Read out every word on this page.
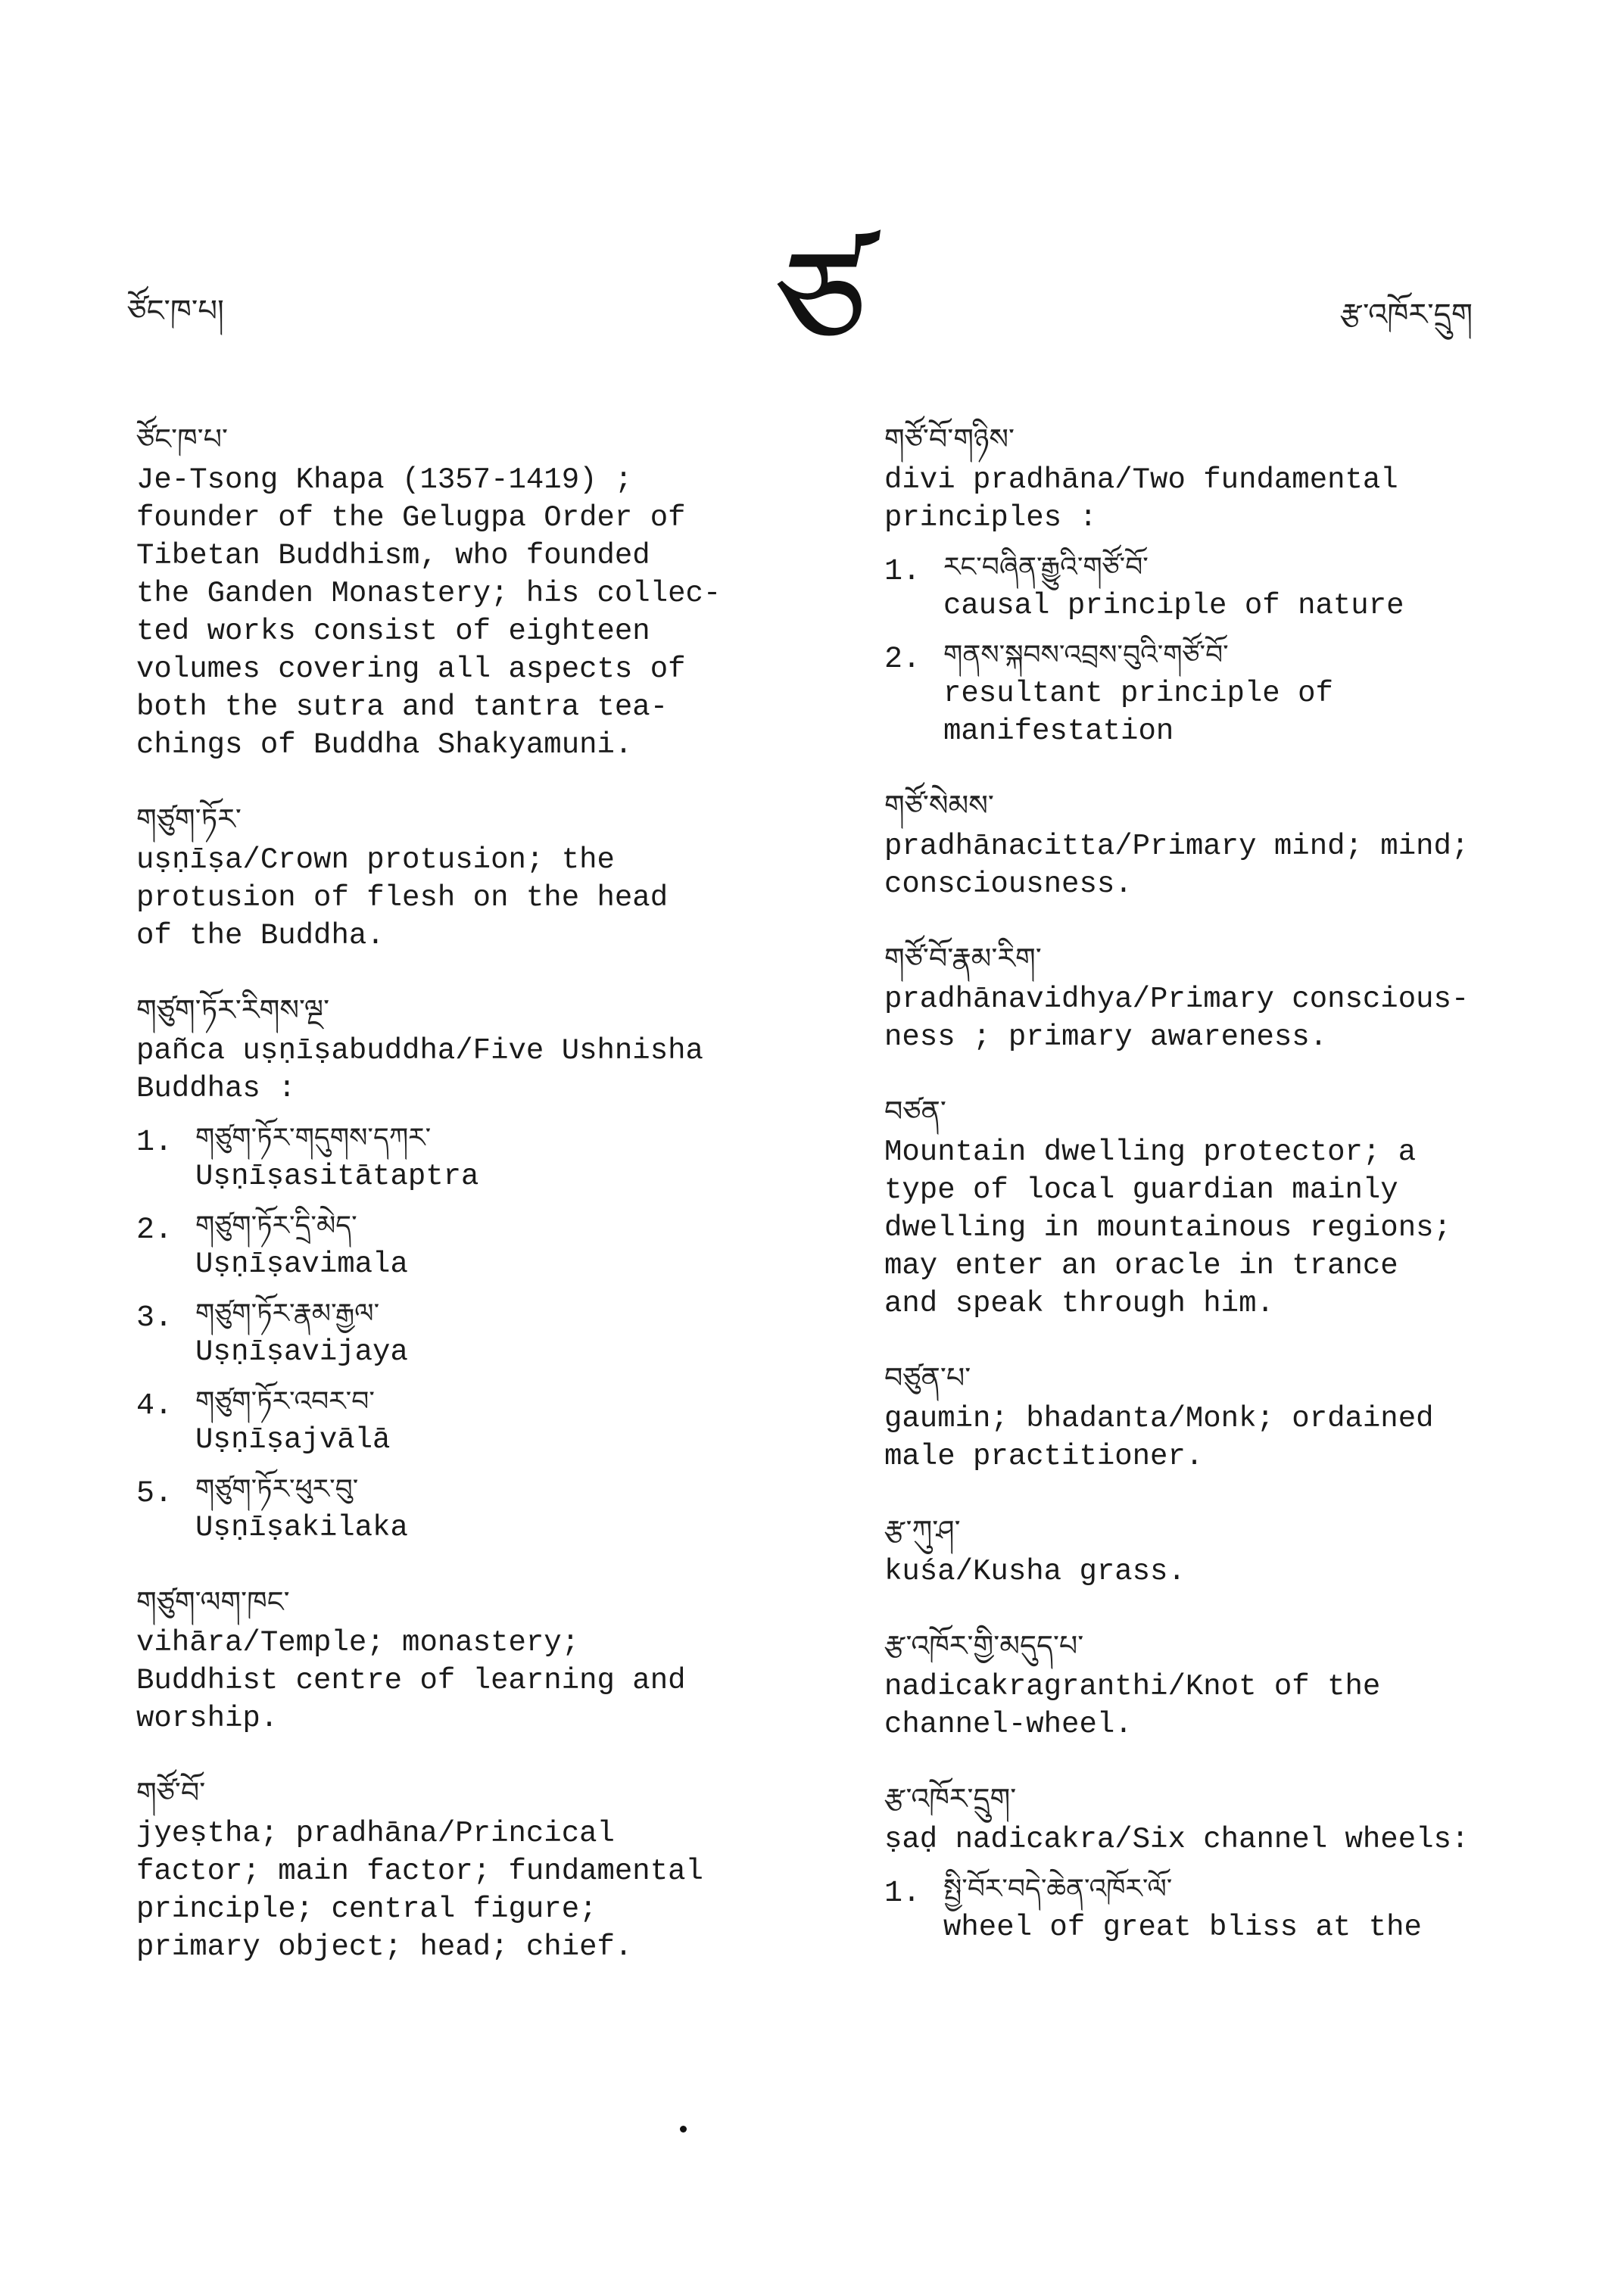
ཙོང་ཁ་པ།	ཙ	རྩ་འཁོར་དྲུག
ཙོང་ཁ་པ་
Je-Tsong Khapa (1357-1419) ;
founder of the Gelugpa Order of
Tibetan Buddhism, who founded
the Ganden Monastery; his collec-
ted works consist of eighteen
volumes covering all aspects of
both the sutra and tantra tea-
chings of Buddha Shakyamuni.
གཙུག་ཏོར་
uṣṇīṣa/Crown protusion; the
protusion of flesh on the head
of the Buddha.
གཙུག་ཏོར་རིགས་ལྔ་
pañca uṣṇīṣabuddha/Five Ushnisha
Buddhas :
1. གཙུག་ཏོར་གདུགས་དཀར་
Uṣṇīṣasitātaptra
2. གཙུག་ཏོར་དྲི་མེད་
Uṣṇīṣavimala
3. གཙུག་ཏོར་རྣམ་རྒྱལ་
Uṣṇīṣavijaya
4. གཙུག་ཏོར་འབར་བ་
Uṣṇīṣajvālā
5. གཙུག་ཏོར་ཕུར་བུ་
Uṣṇīṣakilaka
གཙུག་ལག་ཁང་
vihāra/Temple; monastery;
Buddhist centre of learning and
worship.
གཙོ་བོ་
jyeṣtha; pradhāna/Princical
factor; main factor; fundamental
principle; central figure;
primary object; head; chief.
གཙོ་བོ་གཉིས་
divi pradhāna/Two fundamental
principles :
1. རང་བཞིན་རྒྱུའི་གཙོ་བོ་
causal principle of nature
2. གནས་སྐབས་འབྲས་བུའི་གཙོ་བོ་
resultant principle of
manifestation
གཙོ་སེམས་
pradhānacitta/Primary mind; mind;
consciousness.
གཙོ་བོ་རྣམ་རིག་
pradhānavidhya/Primary conscious-
ness ; primary awareness.
བཙན་
Mountain dwelling protector; a
type of local guardian mainly
dwelling in mountainous regions;
may enter an oracle in trance
and speak through him.
བཙུན་པ་
gaumin; bhadanta/Monk; ordained
male practitioner.
རྩ་ཀུ་ཤ་
kuśa/Kusha grass.
རྩ་འཁོར་གྱི་མདུད་པ་
nadicakragranthi/Knot of the
channel-wheel.
རྩ་འཁོར་དྲུག་
ṣaḍ nadicakra/Six channel wheels:
1. སྤྱི་བོར་བདེ་ཆེན་འཁོར་ལོ་
wheel of great bliss at the
